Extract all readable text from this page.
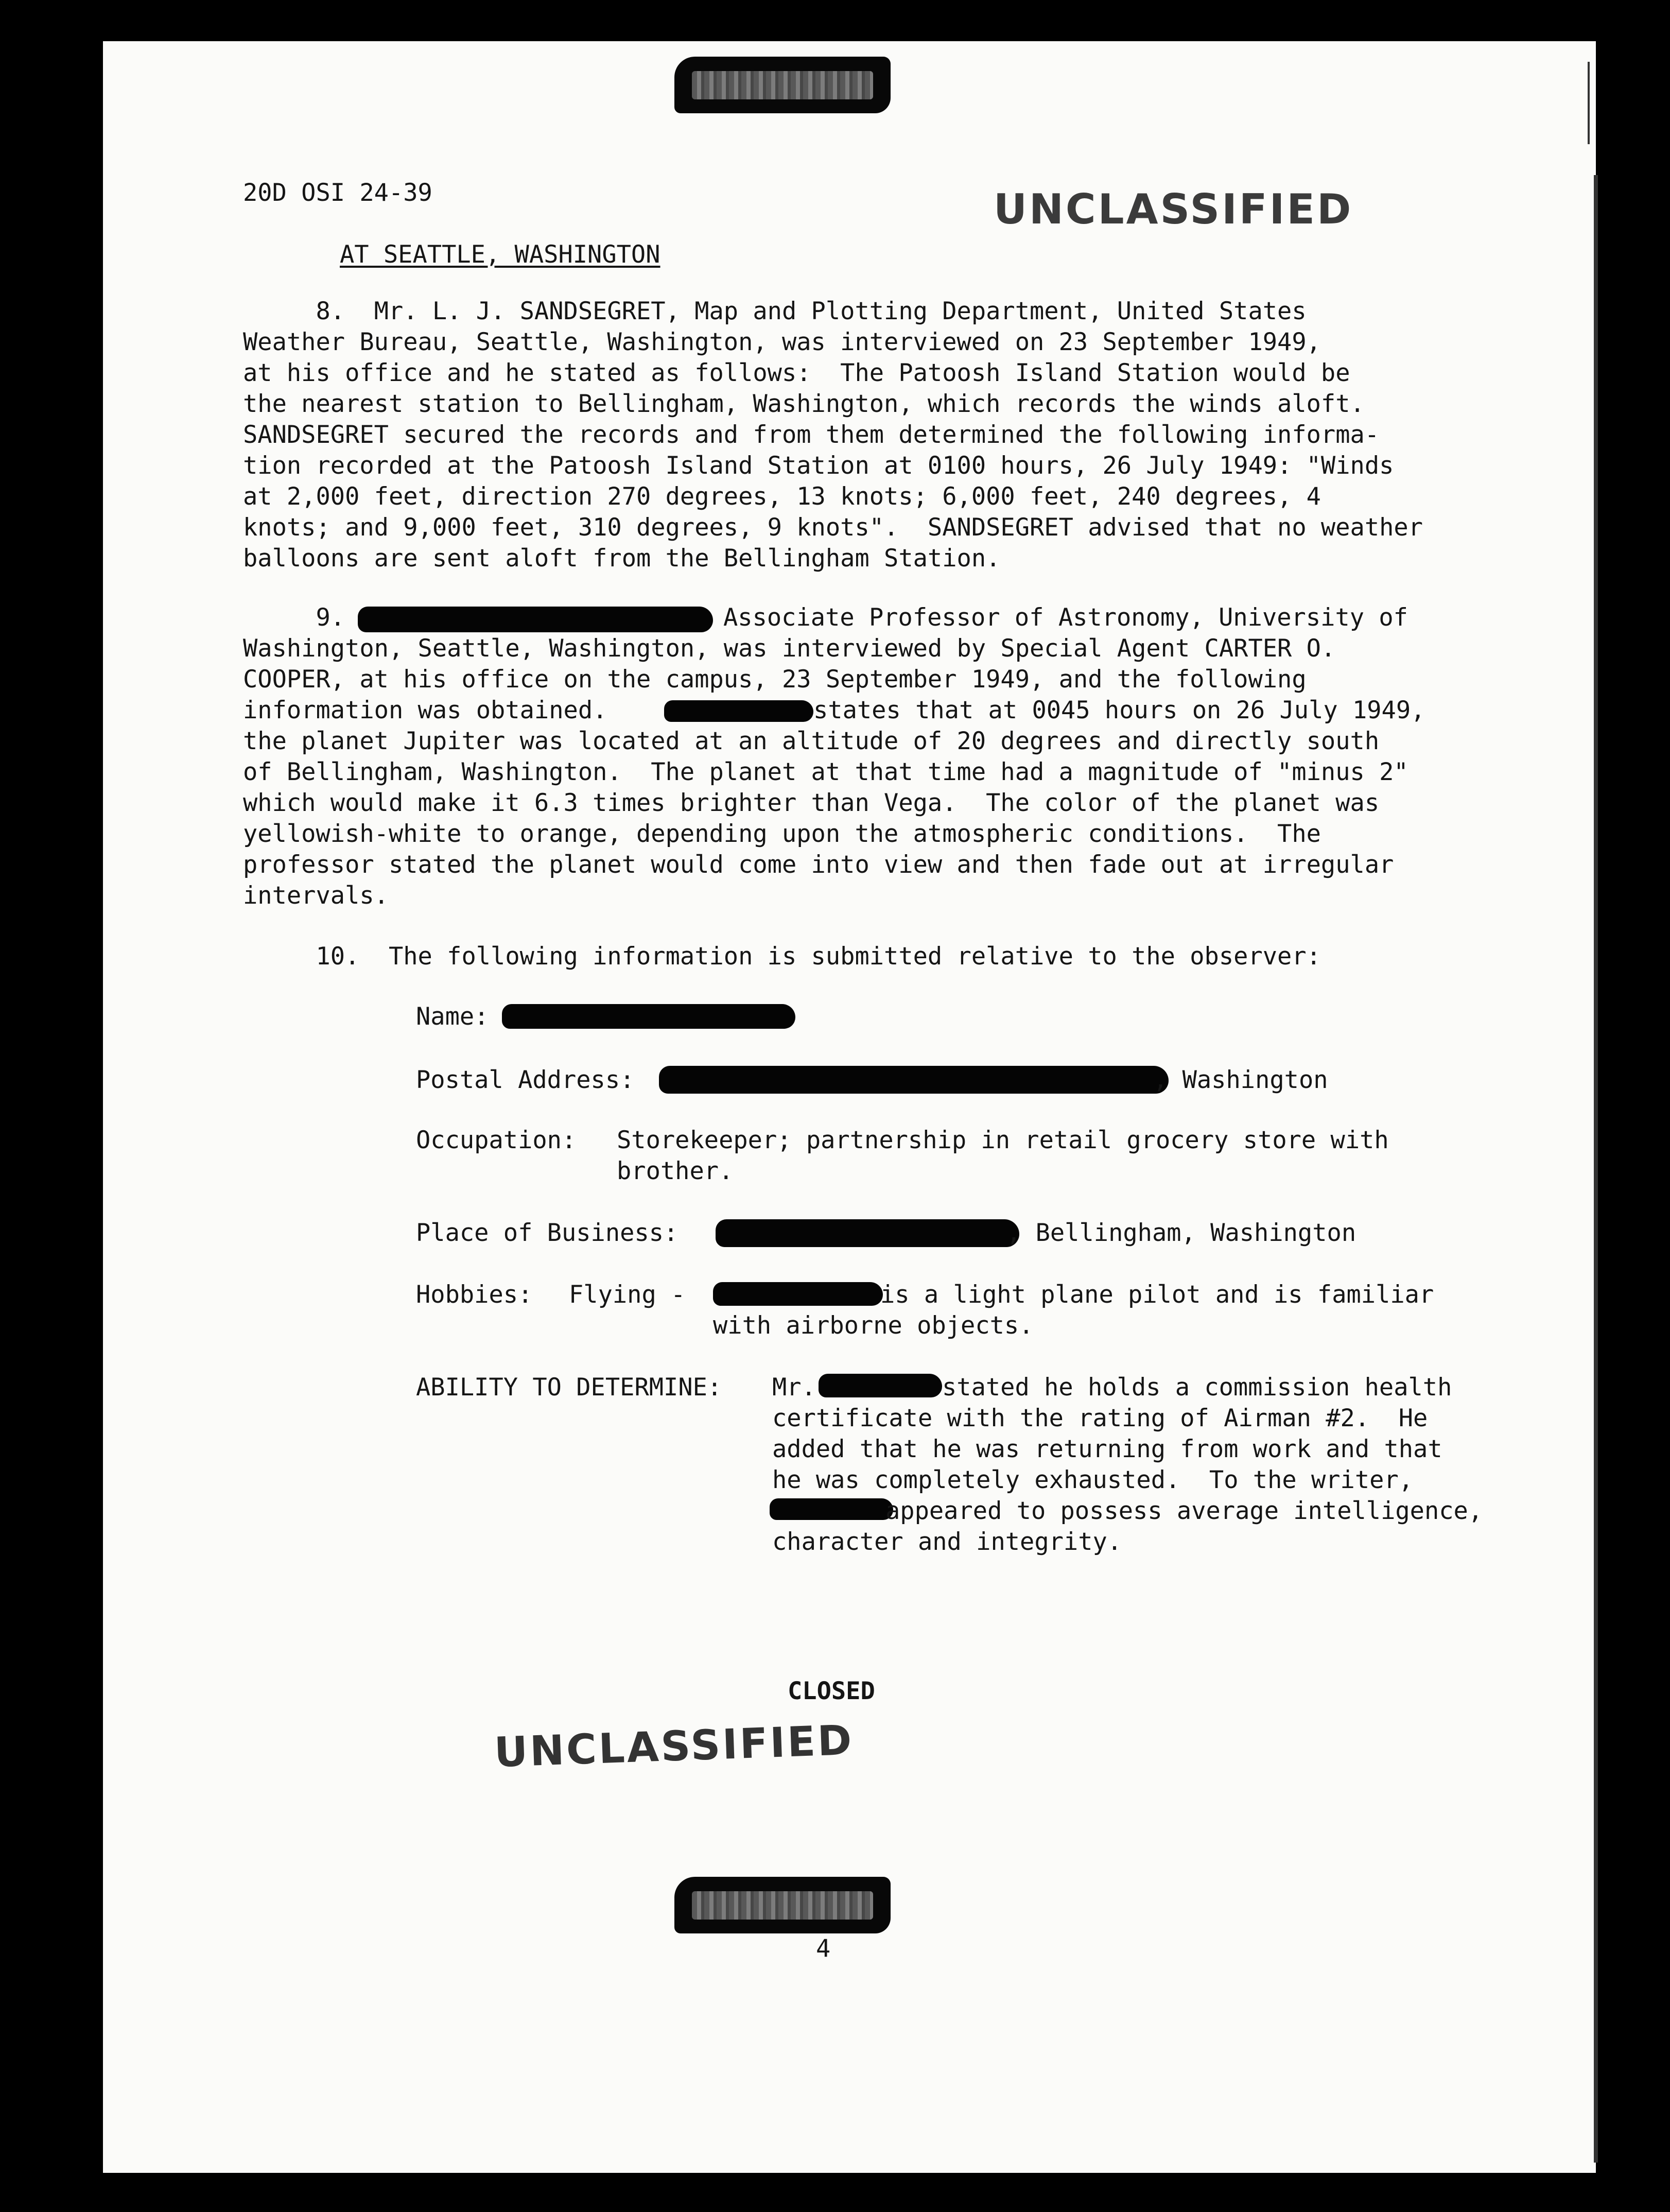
20D OSI 24-39	UNCLASSIFIED
AT SEATTLE, WASHINGTON
8.  Mr. L. J. SANDSEGRET, Map and Plotting Department, United States
Weather Bureau, Seattle, Washington, was interviewed on 23 September 1949,
at his office and he stated as follows:  The Patoosh Island Station would be
the nearest station to Bellingham, Washington, which records the winds aloft.
SANDSEGRET secured the records and from them determined the following informa-
tion recorded at the Patoosh Island Station at 0100 hours, 26 July 1949: "Winds
at 2,000 feet, direction 270 degrees, 13 knots; 6,000 feet, 240 degrees, 4
knots; and 9,000 feet, 310 degrees, 9 knots".  SANDSEGRET advised that no weather
balloons are sent aloft from the Bellingham Station.
9.	Associate Professor of Astronomy, University of
Washington, Seattle, Washington, was interviewed by Special Agent CARTER O.
COOPER, at his office on the campus, 23 September 1949, and the following
information was obtained.	states that at 0045 hours on 26 July 1949,
the planet Jupiter was located at an altitude of 20 degrees and directly south
of Bellingham, Washington.  The planet at that time had a magnitude of "minus 2"
which would make it 6.3 times brighter than Vega.  The color of the planet was
yellowish-white to orange, depending upon the atmospheric conditions.  The
professor stated the planet would come into view and then fade out at irregular
intervals.
10.  The following information is submitted relative to the observer:
Name:
Postal Address:	, Washington
Occupation: Storekeeper; partnership in retail grocery store with
brother.
Place of Business:	, Bellingham, Washington
Hobbies: Flying -	is a light plane pilot and is familiar
with airborne objects.
ABILITY TO DETERMINE: Mr.	stated he holds a commission health
certificate with the rating of Airman #2.  He
added that he was returning from work and that
he was completely exhausted.  To the writer,
appeared to possess average intelligence,
character and integrity.
CLOSED
UNCLASSIFIED
4
